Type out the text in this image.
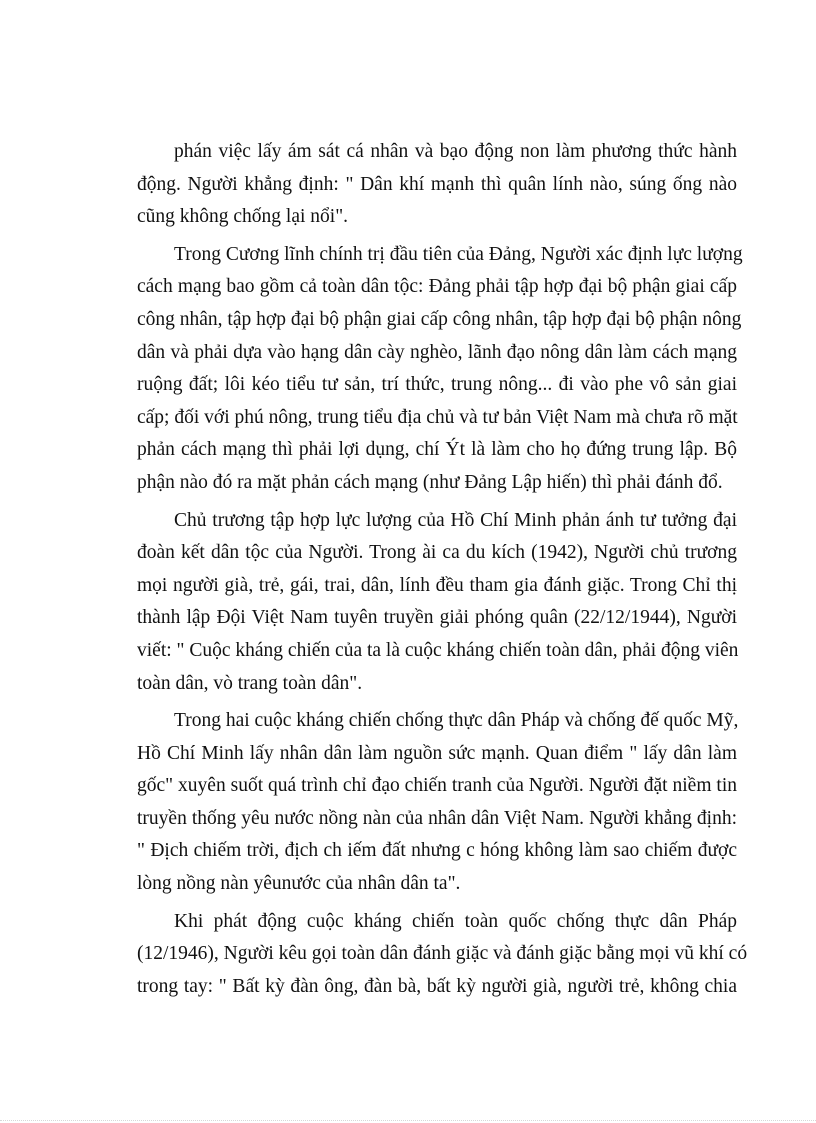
phán việc lấy ám sát cá nhân và bạo động non làm phương thức hành
động. Người khẳng định: " Dân khí mạnh thì quân lính nào, súng ống nào
cũng không chống lại nổi".

Trong Cương lĩnh chính trị đầu tiên của Đảng, Người xác định lực lượng
cách mạng bao gồm cả toàn dân tộc: Đảng phải tập hợp đại bộ phận giai cấp
công nhân, tập hợp đại bộ phận giai cấp công nhân, tập hợp đại bộ phận nông
dân và phải dựa vào hạng dân cày nghèo, lãnh đạo nông dân làm cách mạng
ruộng đất; lôi kéo tiểu tư sản, trí thức, trung nông... đi vào phe vô sản giai
cấp; đối với phú nông, trung tiểu địa chủ và tư bản Việt Nam mà chưa rõ mặt
phản cách mạng thì phải lợi dụng, chí Ýt là làm cho họ đứng trung lập. Bộ
phận nào đó ra mặt phản cách mạng (như Đảng Lập hiến) thì phải đánh đổ.

Chủ trương tập hợp lực lượng của Hồ Chí Minh phản ánh tư tưởng đại
đoàn kết dân tộc của Người. Trong ài ca du kích (1942), Người chủ trương
mọi người già, trẻ, gái, trai, dân, lính đều tham gia đánh giặc. Trong Chỉ thị
thành lập Đội Việt Nam tuyên truyền giải phóng quân (22/12/1944), Người
viết: " Cuộc kháng chiến của ta là cuộc kháng chiến toàn dân, phải động viên
toàn dân, vò trang toàn dân".

Trong hai cuộc kháng chiến chống thực dân Pháp và chống đế quốc Mỹ,
Hồ Chí Minh lấy nhân dân làm nguồn sức mạnh. Quan điểm " lấy dân làm
gốc" xuyên suốt quá trình chỉ đạo chiến tranh của Người. Người đặt niềm tin
truyền thống yêu nước nồng nàn của nhân dân Việt Nam. Người khẳng định:
" Địch chiếm trời, địch ch iếm đất nhưng c hóng không làm sao chiếm được
lòng nồng nàn yêunước của nhân dân ta".

Khi phát động cuộc kháng chiến toàn quốc chống thực dân Pháp
(12/1946), Người kêu gọi toàn dân đánh giặc và đánh giặc bằng mọi vũ khí có
trong tay: " Bất kỳ đàn ông, đàn bà, bất kỳ người già, người trẻ, không chia
